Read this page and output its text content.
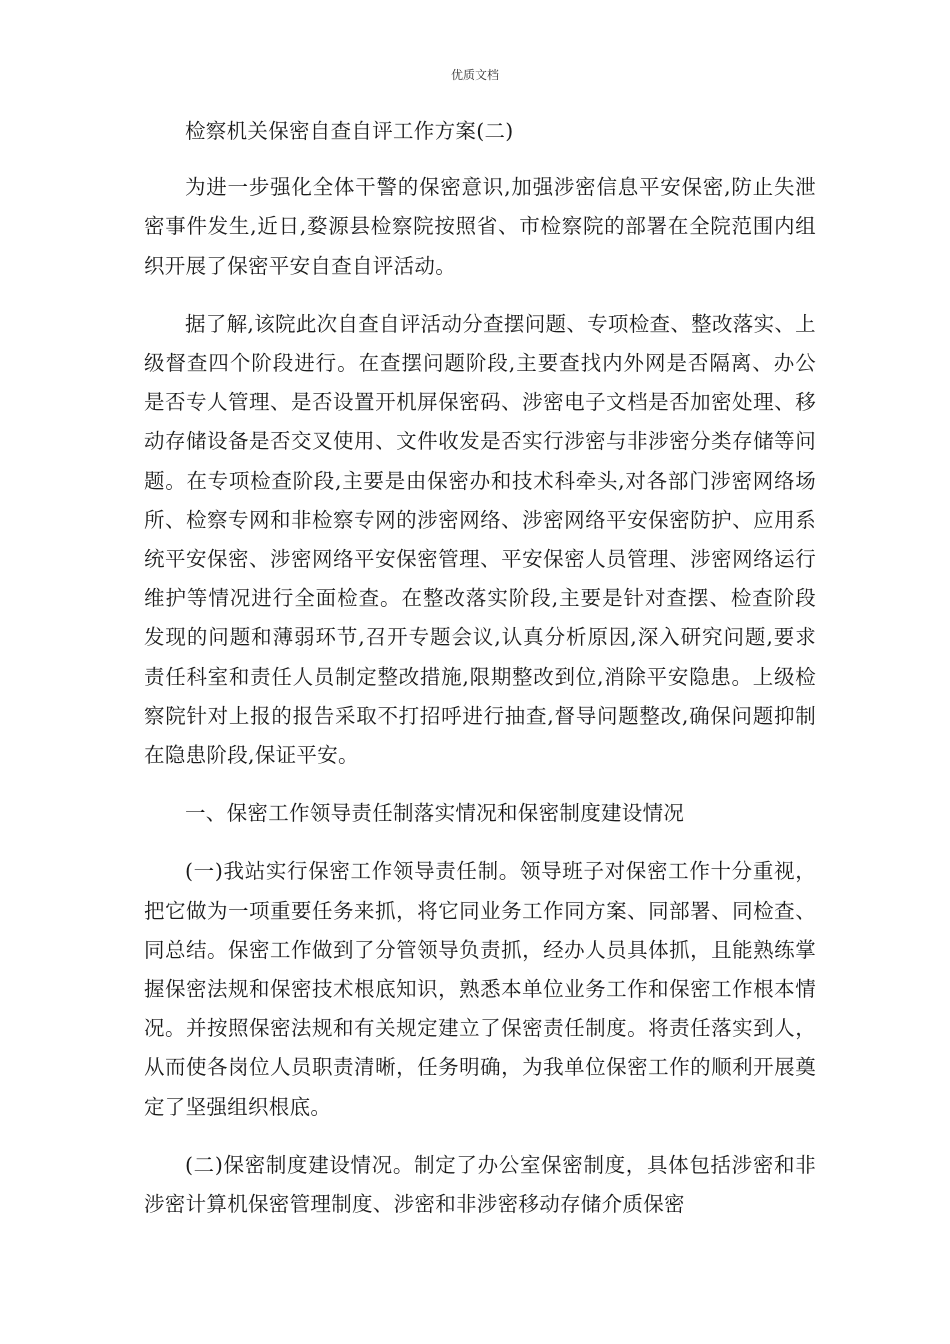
优质文档

检察机关保密自查自评工作方案(二)

为进一步强化全体干警的保密意识,加强涉密信息平安保密,防止失泄密事件发生,近日,婺源县检察院按照省、市检察院的部署在全院范围内组织开展了保密平安自查自评活动。

据了解,该院此次自查自评活动分查摆问题、专项检查、整改落实、上级督查四个阶段进行。在查摆问题阶段,主要查找内外网是否隔离、办公是否专人管理、是否设置开机屏保密码、涉密电子文档是否加密处理、移动存储设备是否交叉使用、文件收发是否实行涉密与非涉密分类存储等问题。在专项检查阶段,主要是由保密办和技术科牵头,对各部门涉密网络场所、检察专网和非检察专网的涉密网络、涉密网络平安保密防护、应用系统平安保密、涉密网络平安保密管理、平安保密人员管理、涉密网络运行维护等情况进行全面检查。在整改落实阶段,主要是针对查摆、检查阶段发现的问题和薄弱环节,召开专题会议,认真分析原因,深入研究问题,要求责任科室和责任人员制定整改措施,限期整改到位,消除平安隐患。上级检察院针对上报的报告采取不打招呼进行抽查,督导问题整改,确保问题抑制在隐患阶段,保证平安。

一、保密工作领导责任制落实情况和保密制度建设情况

(一)我站实行保密工作领导责任制。领导班子对保密工作十分重视，把它做为一项重要任务来抓，将它同业务工作同方案、同部署、同检查、同总结。保密工作做到了分管领导负责抓，经办人员具体抓，且能熟练掌握保密法规和保密技术根底知识，熟悉本单位业务工作和保密工作根本情况。并按照保密法规和有关规定建立了保密责任制度。将责任落实到人，从而使各岗位人员职责清晰，任务明确，为我单位保密工作的顺利开展奠定了坚强组织根底。

(二)保密制度建设情况。制定了办公室保密制度，具体包括涉密和非涉密计算机保密管理制度、涉密和非涉密移动存储介质保密
